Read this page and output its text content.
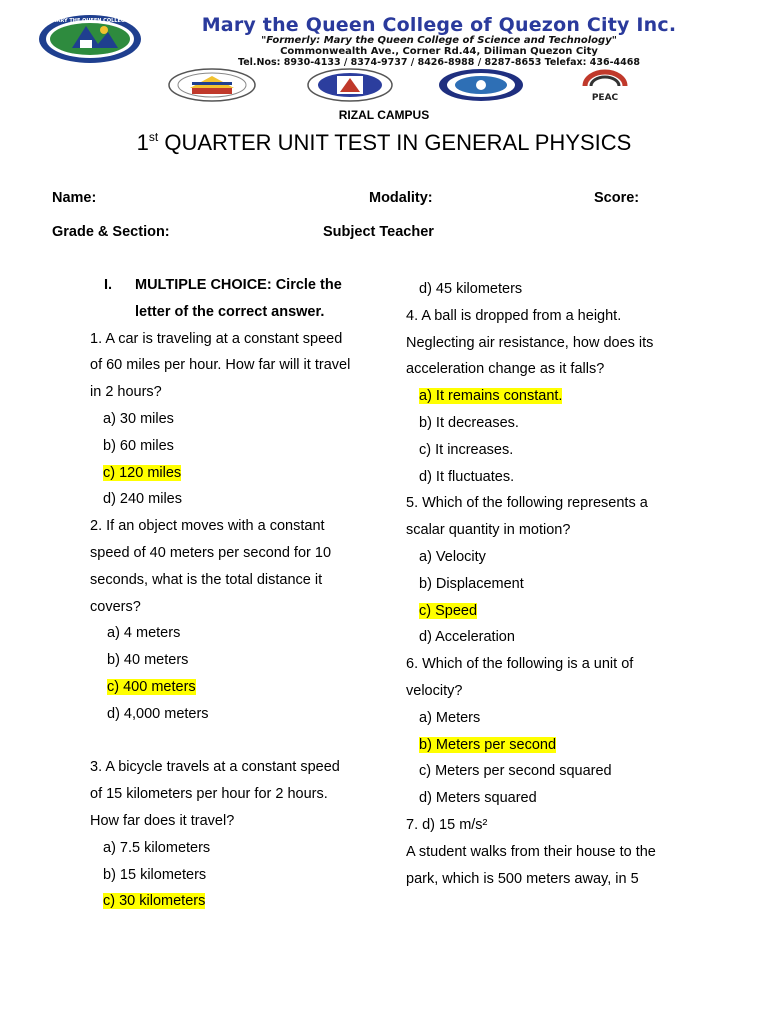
MARY THE QUEEN COLLEGE	Mary the Queen College of Quezon City Inc.
"Formerly: Mary the Queen College of Science and Technology"
Commonwealth Ave., Corner Rd.44, Diliman Quezon City
Tel.Nos: 8930-4133 / 8374-9737 / 8426-8988 / 8287-8653 Telefax: 436-4468
PEAC
RIZAL CAMPUS
1st QUARTER UNIT TEST IN GENERAL PHYSICS
Name:	Modality:	Score:
Grade & Section:	Subject Teacher
I. MULTIPLE CHOICE: Circle the letter of the correct answer.
1. A car is traveling at a constant speed
of 60 miles per hour. How far will it travel
in 2 hours?
a) 30 miles
b) 60 miles
c) 120 miles
d) 240 miles
2. If an object moves with a constant
speed of 40 meters per second for 10
seconds, what is the total distance it
covers?
a) 4 meters
b) 40 meters
c) 400 meters
d) 4,000 meters
3. A bicycle travels at a constant speed
of 15 kilometers per hour for 2 hours.
How far does it travel?
a) 7.5 kilometers
b) 15 kilometers
c) 30 kilometers
d) 45 kilometers
4. A ball is dropped from a height.
Neglecting air resistance, how does its
acceleration change as it falls?
a) It remains constant.
b) It decreases.
c) It increases.
d) It fluctuates.
5. Which of the following represents a
scalar quantity in motion?
a) Velocity
b) Displacement
c) Speed
d) Acceleration
6. Which of the following is a unit of
velocity?
a) Meters
b) Meters per second
c) Meters per second squared
d) Meters squared
7. d) 15 m/s²
A student walks from their house to the
park, which is 500 meters away, in 5
